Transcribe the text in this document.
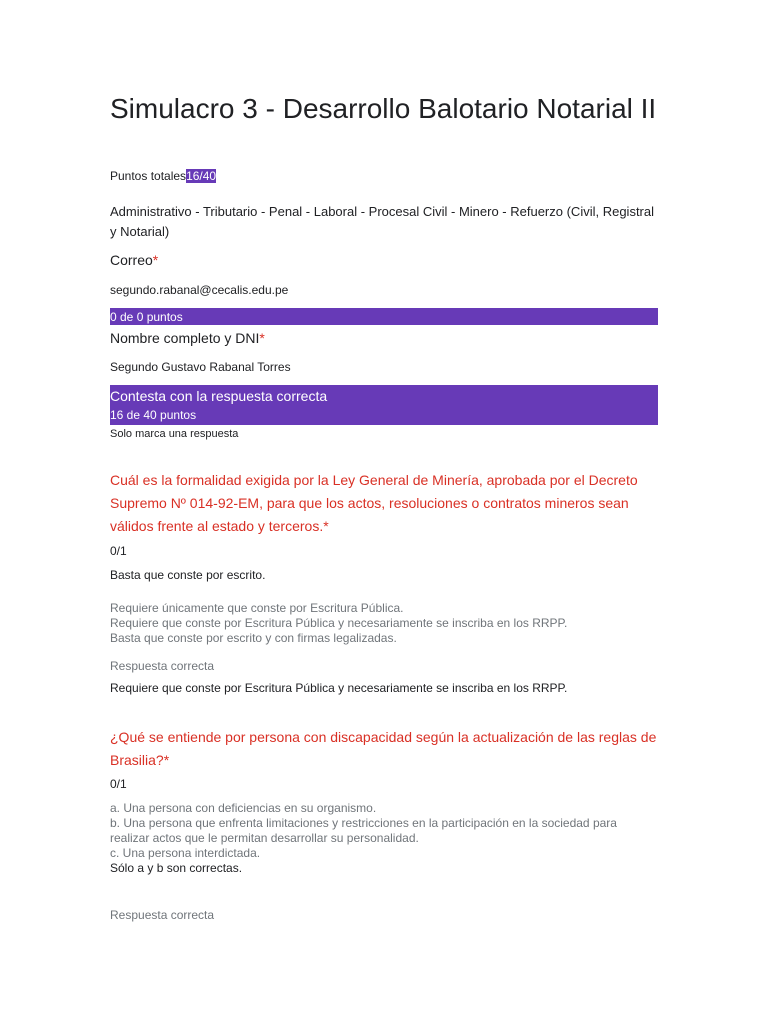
Simulacro 3 - Desarrollo Balotario Notarial II
Puntos totales16/40
Administrativo - Tributario - Penal - Laboral - Procesal Civil - Minero - Refuerzo (Civil, Registral y Notarial)
Correo*
segundo.rabanal@cecalis.edu.pe
0 de 0 puntos
Nombre completo y DNI*
Segundo Gustavo Rabanal Torres
Contesta con la respuesta correcta
16 de 40 puntos
Solo marca una respuesta
Cuál es la formalidad exigida por la Ley General de Minería, aprobada por el Decreto Supremo Nº 014-92-EM, para que los actos, resoluciones o contratos mineros sean válidos frente al estado y terceros.*
0/1
Basta que conste por escrito.
Requiere únicamente que conste por Escritura Pública.
Requiere que conste por Escritura Pública y necesariamente se inscriba en los RRPP.
Basta que conste por escrito y con firmas legalizadas.
Respuesta correcta
Requiere que conste por Escritura Pública y necesariamente se inscriba en los RRPP.
¿Qué se entiende por persona con discapacidad según la actualización de las reglas de Brasilia?*
0/1
a. Una persona con deficiencias en su organismo.
b. Una persona que enfrenta limitaciones y restricciones en la participación en la sociedad para realizar actos que le permitan desarrollar su personalidad.
c. Una persona interdictada.
Sólo a y b son correctas.
Respuesta correcta
